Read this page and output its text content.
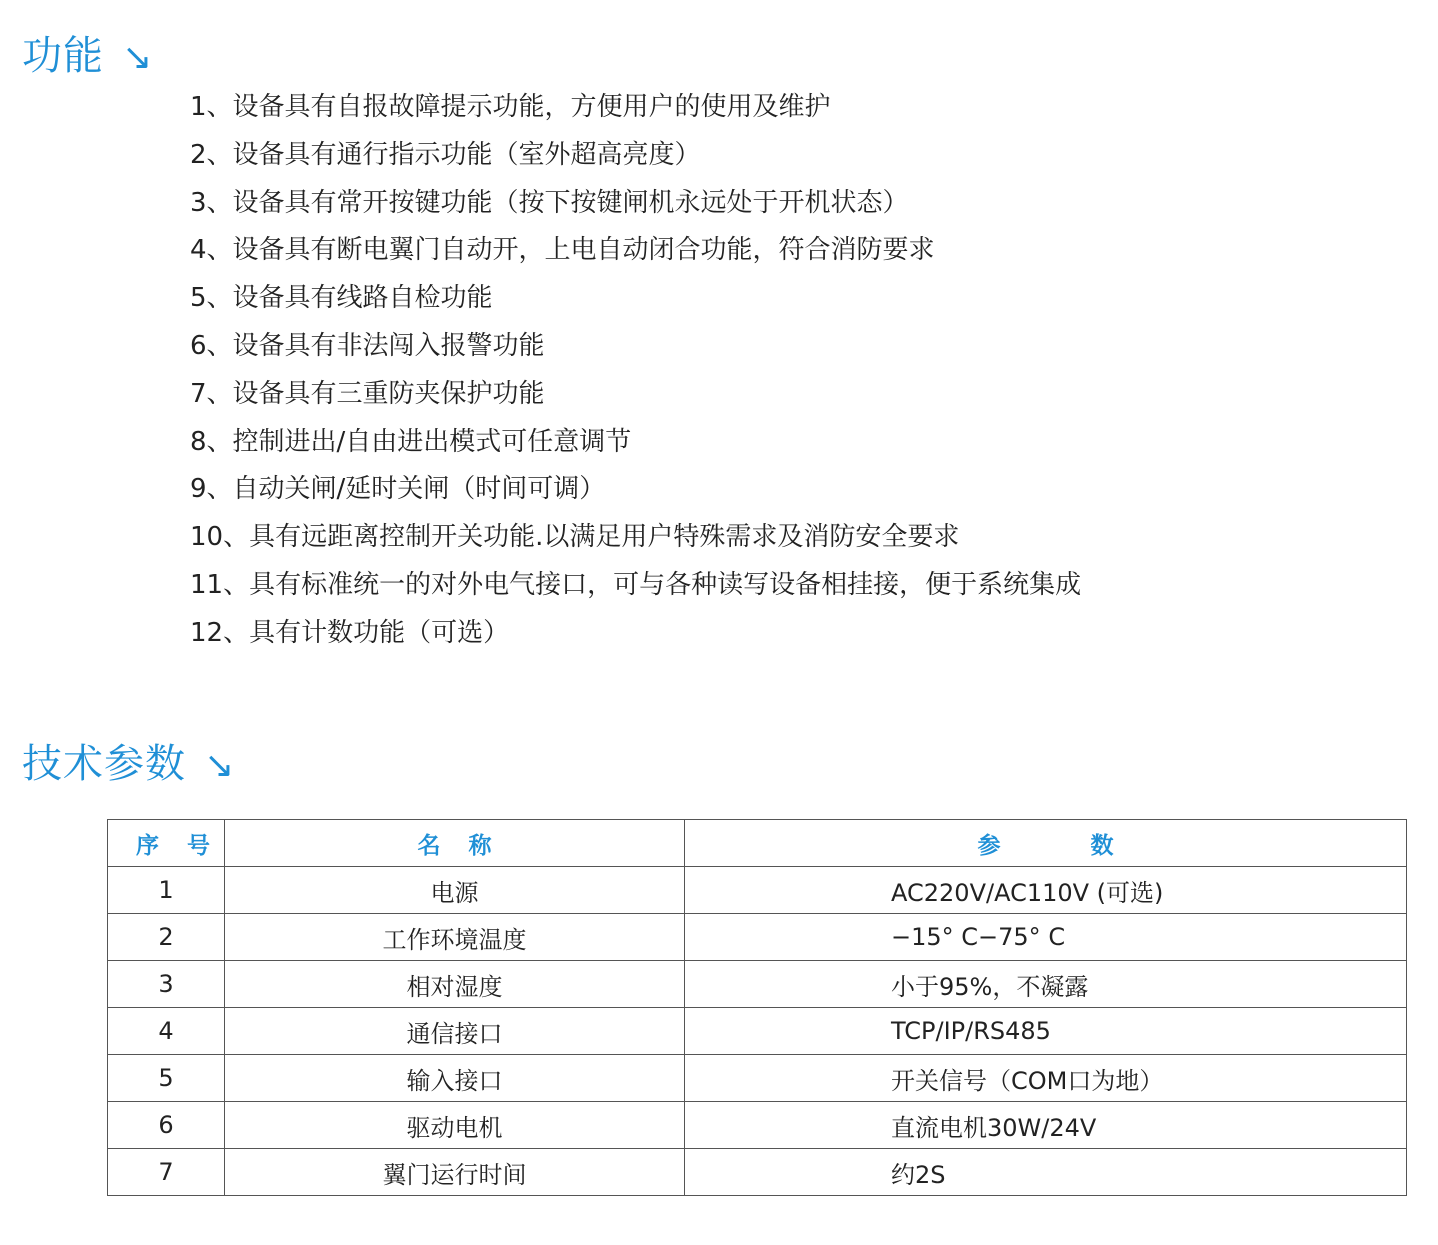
功能 ↘
1、设备具有自报故障提示功能，方便用户的使用及维护
2、设备具有通行指示功能（室外超高亮度）
3、设备具有常开按键功能（按下按键闸机永远处于开机状态）
4、设备具有断电翼门自动开，上电自动闭合功能，符合消防要求
5、设备具有线路自检功能
6、设备具有非法闯入报警功能
7、设备具有三重防夹保护功能
8、控制进出/自由进出模式可任意调节
9、自动关闸/延时关闸（时间可调）
10、具有远距离控制开关功能.以满足用户特殊需求及消防安全要求
11、具有标准统一的对外电气接口，可与各种读写设备相挂接，便于系统集成
12、具有计数功能（可选）
技术参数 ↘
序号	名称	参数
1	电源	AC220V/AC110V (可选)
2	工作环境温度	−15° C−75° C
3	相对湿度	小于95%，不凝露
4	通信接口	TCP/IP/RS485
5	输入接口	开关信号（COM口为地）
6	驱动电机	直流电机30W/24V
7	翼门运行时间	约2S
